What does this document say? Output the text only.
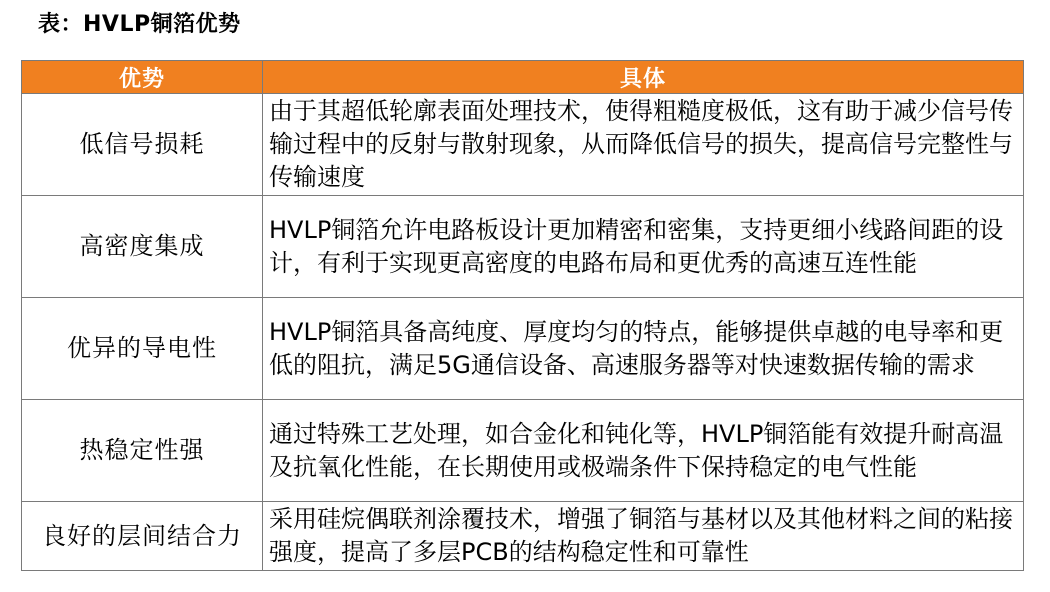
表：HVLP铜箔优势
优势	具体
低信号损耗	由于其超低轮廓表面处理技术，使得粗糙度极低，这有助于减少信号传输过程中的反射与散射现象，从而降低信号的损失，提高信号完整性与传输速度
高密度集成	HVLP铜箔允许电路板设计更加精密和密集，支持更细小线路间距的设计，有利于实现更高密度的电路布局和更优秀的高速互连性能
优异的导电性	HVLP铜箔具备高纯度、厚度均匀的特点，能够提供卓越的电导率和更低的阻抗，满足5G通信设备、高速服务器等对快速数据传输的需求
热稳定性强	通过特殊工艺处理，如合金化和钝化等，HVLP铜箔能有效提升耐高温及抗氧化性能，在长期使用或极端条件下保持稳定的电气性能
良好的层间结合力	采用硅烷偶联剂涂覆技术，增强了铜箔与基材以及其他材料之间的粘接强度，提高了多层PCB的结构稳定性和可靠性
